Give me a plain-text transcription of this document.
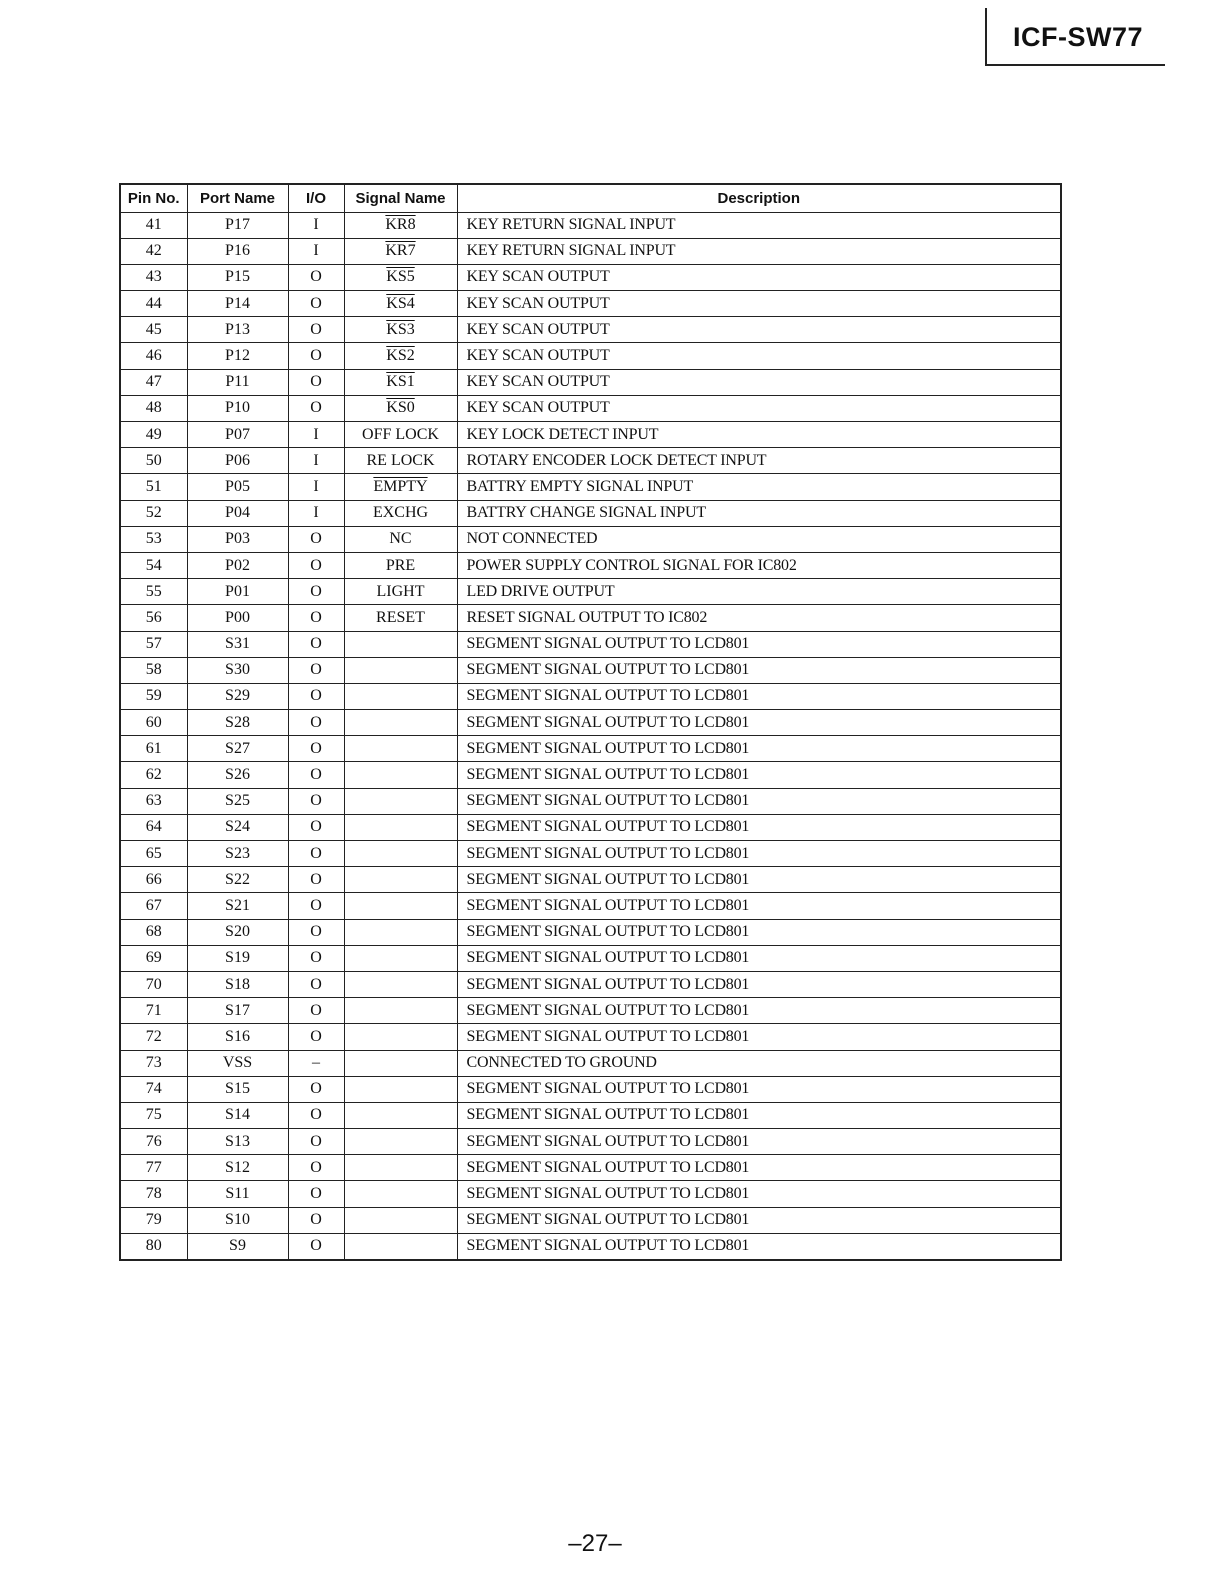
ICF-SW77
Pin No.	Port Name	I/O	Signal Name	Description
41	P17	I	KR8	KEY RETURN SIGNAL INPUT
42	P16	I	KR7	KEY RETURN SIGNAL INPUT
43	P15	O	KS5	KEY SCAN OUTPUT
44	P14	O	KS4	KEY SCAN OUTPUT
45	P13	O	KS3	KEY SCAN OUTPUT
46	P12	O	KS2	KEY SCAN OUTPUT
47	P11	O	KS1	KEY SCAN OUTPUT
48	P10	O	KS0	KEY SCAN OUTPUT
49	P07	I	OFF LOCK	KEY LOCK DETECT INPUT
50	P06	I	RE LOCK	ROTARY ENCODER LOCK DETECT INPUT
51	P05	I	EMPTY	BATTRY EMPTY SIGNAL INPUT
52	P04	I	EXCHG	BATTRY CHANGE SIGNAL INPUT
53	P03	O	NC	NOT CONNECTED
54	P02	O	PRE	POWER SUPPLY CONTROL SIGNAL FOR IC802
55	P01	O	LIGHT	LED DRIVE OUTPUT
56	P00	O	RESET	RESET SIGNAL OUTPUT TO IC802
57	S31	O		SEGMENT SIGNAL OUTPUT TO LCD801
58	S30	O		SEGMENT SIGNAL OUTPUT TO LCD801
59	S29	O		SEGMENT SIGNAL OUTPUT TO LCD801
60	S28	O		SEGMENT SIGNAL OUTPUT TO LCD801
61	S27	O		SEGMENT SIGNAL OUTPUT TO LCD801
62	S26	O		SEGMENT SIGNAL OUTPUT TO LCD801
63	S25	O		SEGMENT SIGNAL OUTPUT TO LCD801
64	S24	O		SEGMENT SIGNAL OUTPUT TO LCD801
65	S23	O		SEGMENT SIGNAL OUTPUT TO LCD801
66	S22	O		SEGMENT SIGNAL OUTPUT TO LCD801
67	S21	O		SEGMENT SIGNAL OUTPUT TO LCD801
68	S20	O		SEGMENT SIGNAL OUTPUT TO LCD801
69	S19	O		SEGMENT SIGNAL OUTPUT TO LCD801
70	S18	O		SEGMENT SIGNAL OUTPUT TO LCD801
71	S17	O		SEGMENT SIGNAL OUTPUT TO LCD801
72	S16	O		SEGMENT SIGNAL OUTPUT TO LCD801
73	VSS	–		CONNECTED TO GROUND
74	S15	O		SEGMENT SIGNAL OUTPUT TO LCD801
75	S14	O		SEGMENT SIGNAL OUTPUT TO LCD801
76	S13	O		SEGMENT SIGNAL OUTPUT TO LCD801
77	S12	O		SEGMENT SIGNAL OUTPUT TO LCD801
78	S11	O		SEGMENT SIGNAL OUTPUT TO LCD801
79	S10	O		SEGMENT SIGNAL OUTPUT TO LCD801
80	S9	O		SEGMENT SIGNAL OUTPUT TO LCD801
–27–
